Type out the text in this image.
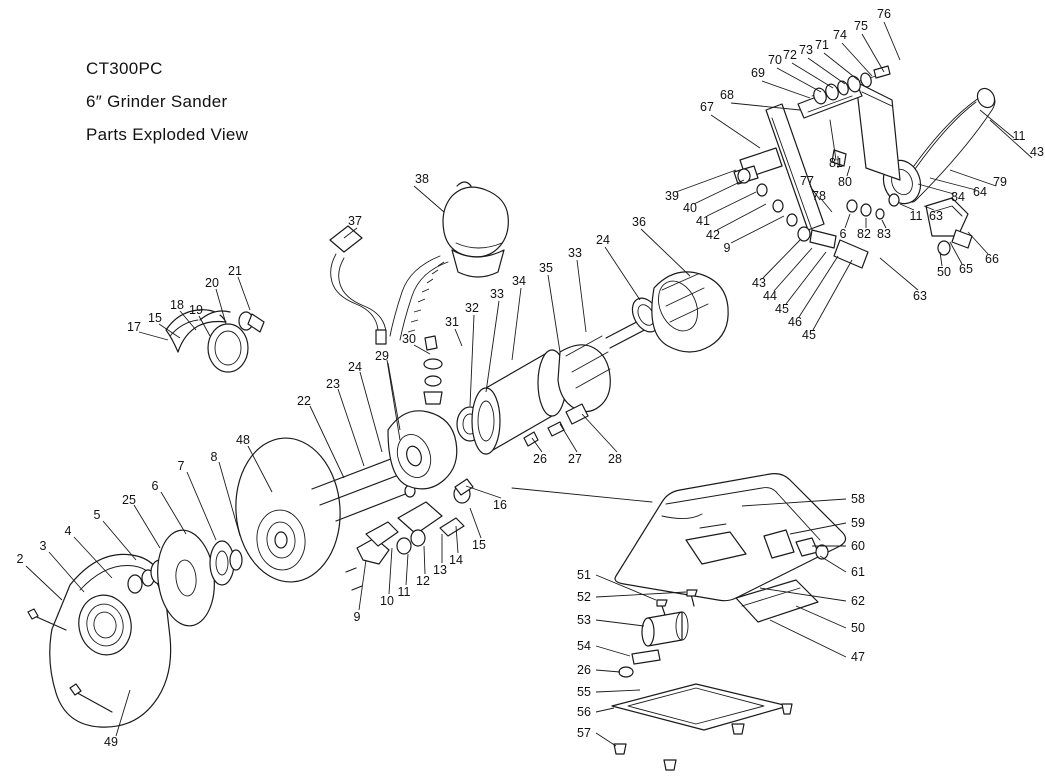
CT300PC
6″ Grinder Sander
Parts Exploded View
38
37
24
36
33
35
34
33
32
31
30
29
24
23
22
17
15
18 19
20
21
48
8
7
6
25
5
4
3
2
49
9
10
11
12
13
14
15
16
26 27 28
58
59
60
61
62
50
47
51
52
53
54
26
55
56
57
76
75
74
71
73
72
70
69
68
67
11
43
79
64
84
81
80
77
78
11 63
6 82 83
66
65
50
63
39
40
41
42
9
43
44
45
46
45
